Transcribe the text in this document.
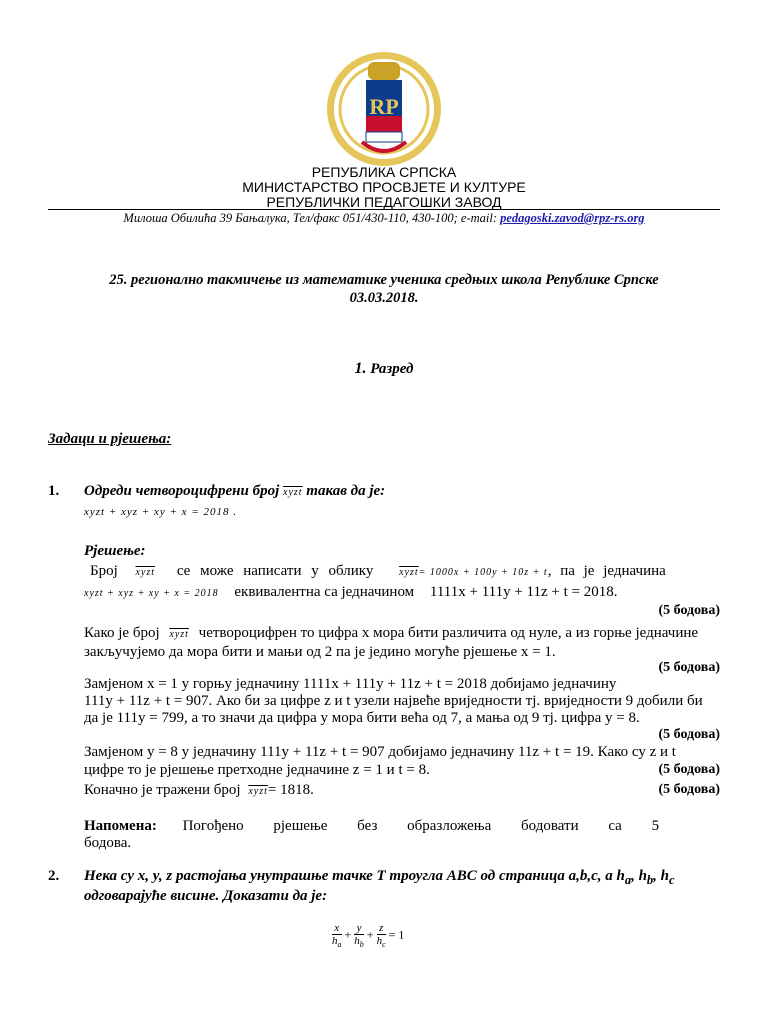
RP
РЕПУБЛИКА СРПСКА
МИНИСТАРСТВО ПРОСВЈЕТЕ И КУЛТУРЕ
РЕПУБЛИЧКИ ПЕДАГОШКИ ЗАВОД
Милоша Обилића 39 Бањалука, Тел/факс 051/430-110, 430-100; e-mail: pedagoski.zavod@rpz-rs.org
25. регионално такмичење из математике ученика средњих школа Републике Српске
03.03.2018.
1. Разред
Задаци и рјешења:
1. Одреди четвороцифрени број xyzt такав да је:
xyzt + xyz + xy + x = 2018 .
Рјешење:
Број xyzt се може написати у облику	xyzt= 1000x + 100y + 10z + t, па је једначина
xyzt + xyz + xy + x = 2018 еквивалентна са једначином 1111x + 111y + 11z + t = 2018.
(5 бодова)
Како је број xyzt четвороцифрен то цифра x мора бити различита од нуле, а из горње једначине
закључујемо да мора бити и мањи од 2 па је једино могуће рјешење x = 1.
(5 бодова)
Замјеном x = 1 у горњу једначину 1111x + 111y + 11z + t = 2018 добијамо једначину
111y + 11z + t = 907. Ако би за цифре z и t узели највеће вриједности тј. вриједности 9 добили би
да је 111y = 799, а то значи да цифра y мора бити већа од 7, а мања од 9 тј. цифра y = 8.
(5 бодова)
Замјеном y = 8 у једначину 111y + 11z + t = 907 добијамо једначину 11z + t = 19. Како су z и t
цифре то је рјешење претходне једначине z = 1 и t = 8.	(5 бодова)
Коначно је тражени број xyzt= 1818.	(5 бодова)
Напомена: Погођено рјешење без образложења бодовати са 5 бодова.
2. Нека су x, y, z растојања унутрашње тачке T троугла ABC од страница a,b,c, а $h_a$, $h_b$, $h_c$
одговарајуће висине. Доказати да је:
$\frac{x}{h_a} + \frac{y}{h_b} + \frac{z}{h_c} = 1$
